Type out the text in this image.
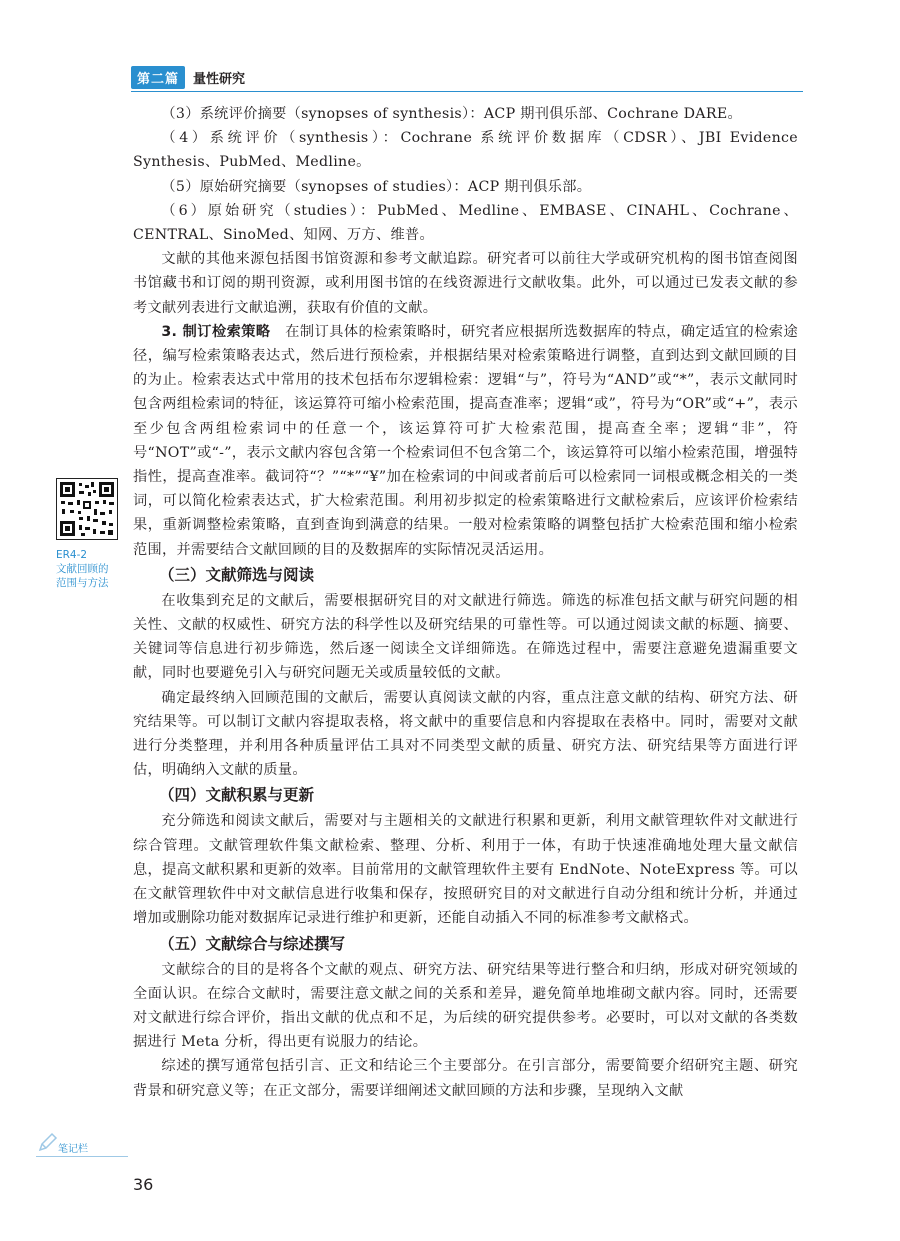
第二篇	量性研究

（3）系统评价摘要（synopses of synthesis）：ACP 期刊俱乐部、Cochrane DARE。

（4）系统评价（synthesis）：Cochrane 系统评价数据库（CDSR）、JBI Evidence Synthesis、PubMed、Medline。

（5）原始研究摘要（synopses of studies）：ACP 期刊俱乐部。

（6）原始研究（studies）：PubMed、Medline、EMBASE、CINAHL、Cochrane、CENTRAL、SinoMed、知网、万方、维普。

文献的其他来源包括图书馆资源和参考文献追踪。研究者可以前往大学或研究机构的图书馆查阅图书馆藏书和订阅的期刊资源，或利用图书馆的在线资源进行文献收集。此外，可以通过已发表文献的参考文献列表进行文献追溯，获取有价值的文献。

3. 制订检索策略  在制订具体的检索策略时，研究者应根据所选数据库的特点，确定适宜的检索途径，编写检索策略表达式，然后进行预检索，并根据结果对检索策略进行调整，直到达到文献回顾的目的为止。检索表达式中常用的技术包括布尔逻辑检索：逻辑“与”，符号为“AND”或“*”，表示文献同时包含两组检索词的特征，该运算符可缩小检索范围，提高查准率；逻辑“或”，符号为“OR”或“+”，表示至少包含两组检索词中的任意一个，该运算符可扩大检索范围，提高查全率；逻辑“非”，符号“NOT”或“-”，表示文献内容包含第一个检索词但不包含第二个，该运算符可以缩小检索范围，增强特指性，提高查准率。截词符“？”“*”“¥”加在检索词的中间或者前后可以检索同一词根或概念相关的一类词，可以简化检索表达式，扩大检索范围。利用初步拟定的检索策略进行文献检索后，应该评价检索结果，重新调整检索策略，直到查询到满意的结果。一般对检索策略的调整包括扩大检索范围和缩小检索范围，并需要结合文献回顾的目的及数据库的实际情况灵活运用。

（三）文献筛选与阅读

在收集到充足的文献后，需要根据研究目的对文献进行筛选。筛选的标准包括文献与研究问题的相关性、文献的权威性、研究方法的科学性以及研究结果的可靠性等。可以通过阅读文献的标题、摘要、关键词等信息进行初步筛选，然后逐一阅读全文详细筛选。在筛选过程中，需要注意避免遗漏重要文献，同时也要避免引入与研究问题无关或质量较低的文献。

确定最终纳入回顾范围的文献后，需要认真阅读文献的内容，重点注意文献的结构、研究方法、研究结果等。可以制订文献内容提取表格，将文献中的重要信息和内容提取在表格中。同时，需要对文献进行分类整理，并利用各种质量评估工具对不同类型文献的质量、研究方法、研究结果等方面进行评估，明确纳入文献的质量。

（四）文献积累与更新

充分筛选和阅读文献后，需要对与主题相关的文献进行积累和更新，利用文献管理软件对文献进行综合管理。文献管理软件集文献检索、整理、分析、利用于一体，有助于快速准确地处理大量文献信息，提高文献积累和更新的效率。目前常用的文献管理软件主要有 EndNote、NoteExpress 等。可以在文献管理软件中对文献信息进行收集和保存，按照研究目的对文献进行自动分组和统计分析，并通过增加或删除功能对数据库记录进行维护和更新，还能自动插入不同的标准参考文献格式。

（五）文献综合与综述撰写

文献综合的目的是将各个文献的观点、研究方法、研究结果等进行整合和归纳，形成对研究领域的全面认识。在综合文献时，需要注意文献之间的关系和差异，避免简单地堆砌文献内容。同时，还需要对文献进行综合评价，指出文献的优点和不足，为后续的研究提供参考。必要时，可以对文献的各类数据进行 Meta 分析，得出更有说服力的结论。

综述的撰写通常包括引言、正文和结论三个主要部分。在引言部分，需要简要介绍研究主题、研究背景和研究意义等；在正文部分，需要详细阐述文献回顾的方法和步骤，呈现纳入文献

ER4-2
文献回顾的
范围与方法
笔记栏
36
